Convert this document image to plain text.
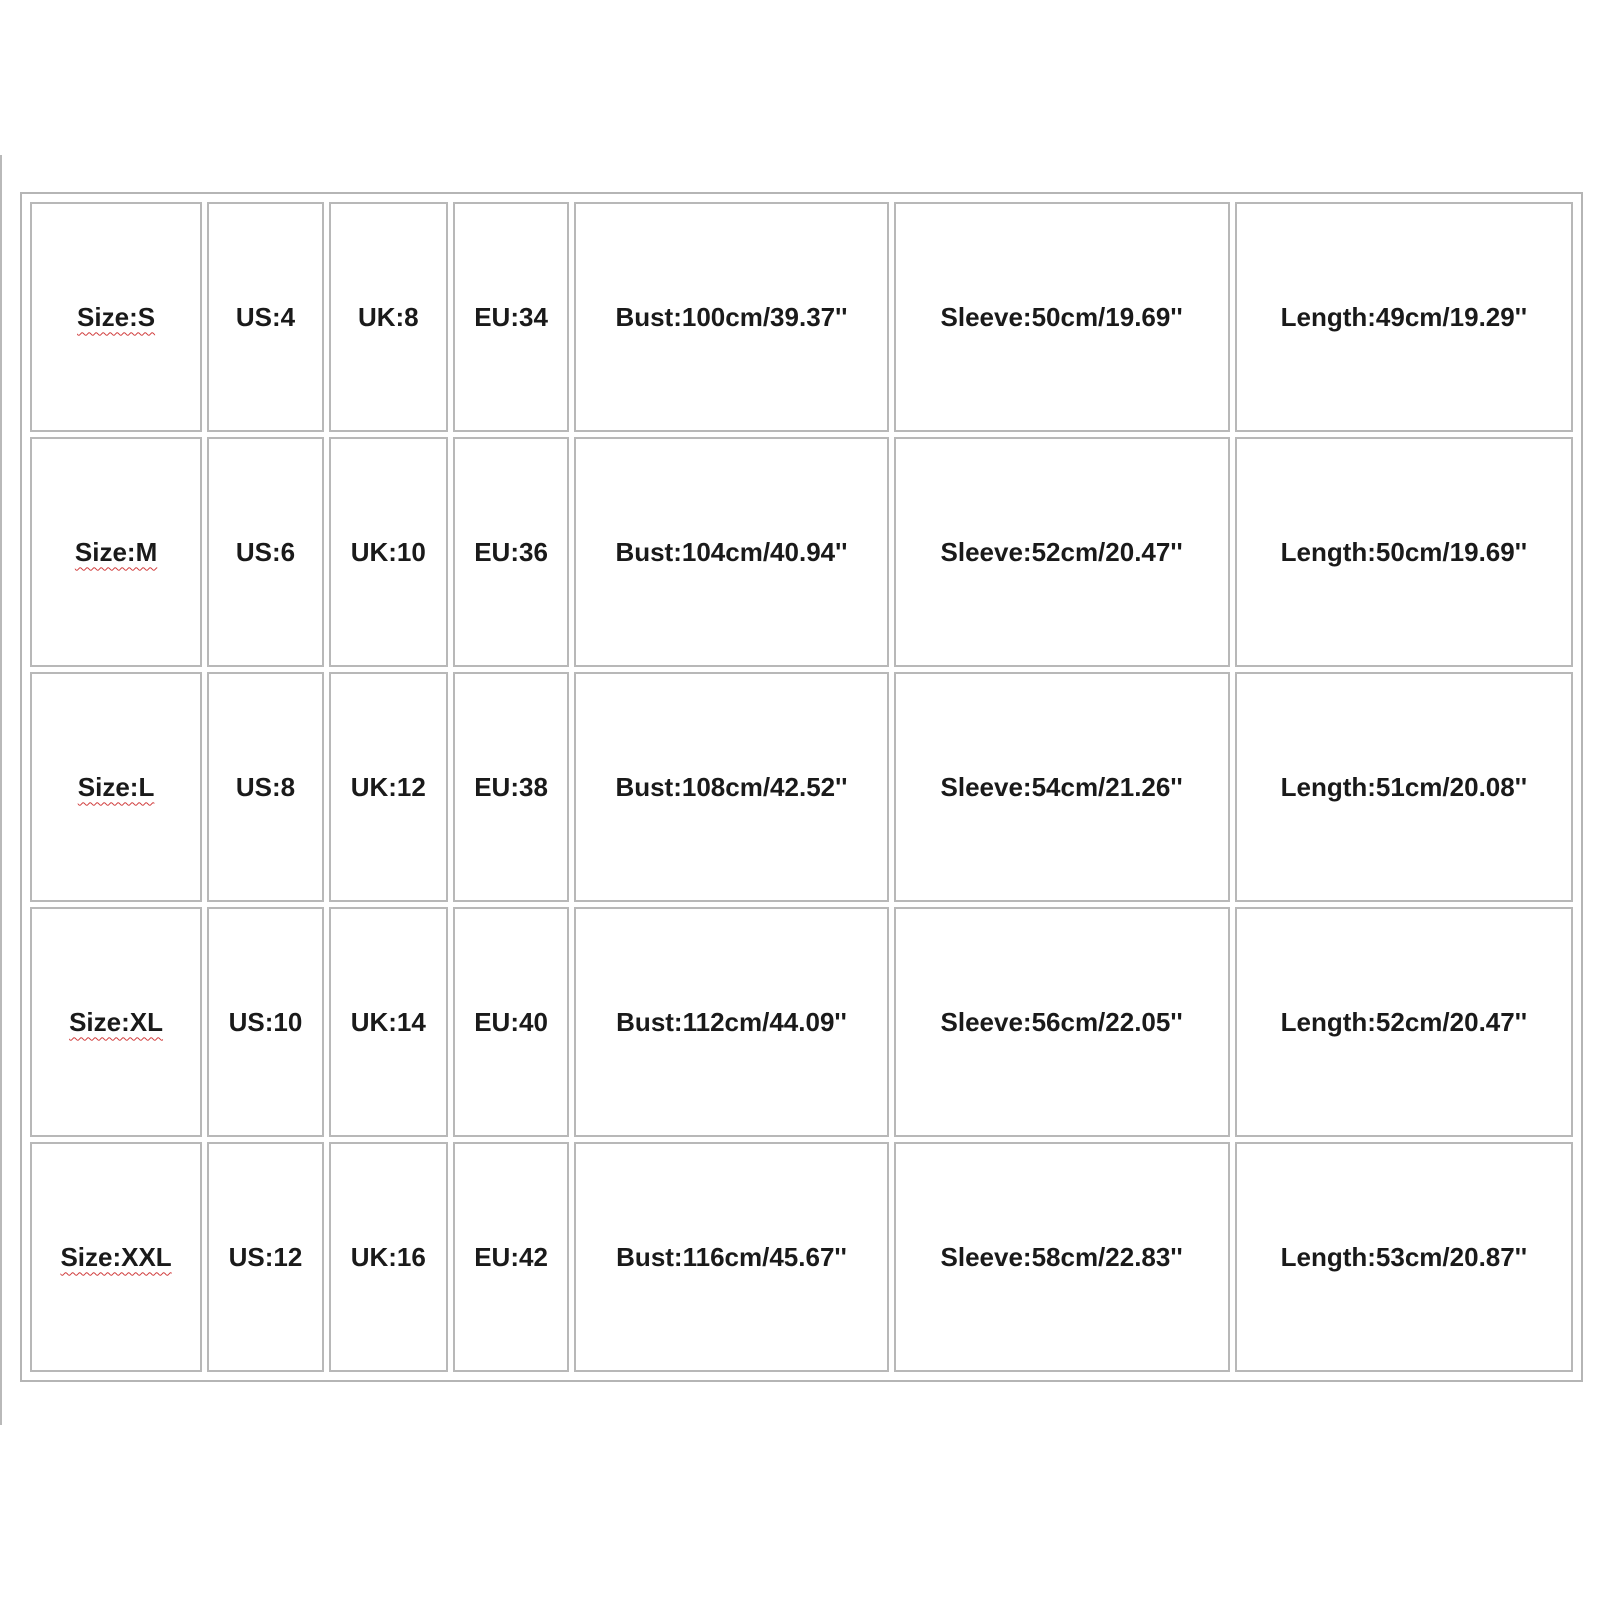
Size:S	US:4	UK:8	EU:34	Bust:100cm/39.37''	Sleeve:50cm/19.69''	Length:49cm/19.29''
Size:M	US:6	UK:10	EU:36	Bust:104cm/40.94''	Sleeve:52cm/20.47''	Length:50cm/19.69''
Size:L	US:8	UK:12	EU:38	Bust:108cm/42.52''	Sleeve:54cm/21.26''	Length:51cm/20.08''
Size:XL	US:10	UK:14	EU:40	Bust:112cm/44.09''	Sleeve:56cm/22.05''	Length:52cm/20.47''
Size:XXL	US:12	UK:16	EU:42	Bust:116cm/45.67''	Sleeve:58cm/22.83''	Length:53cm/20.87''
